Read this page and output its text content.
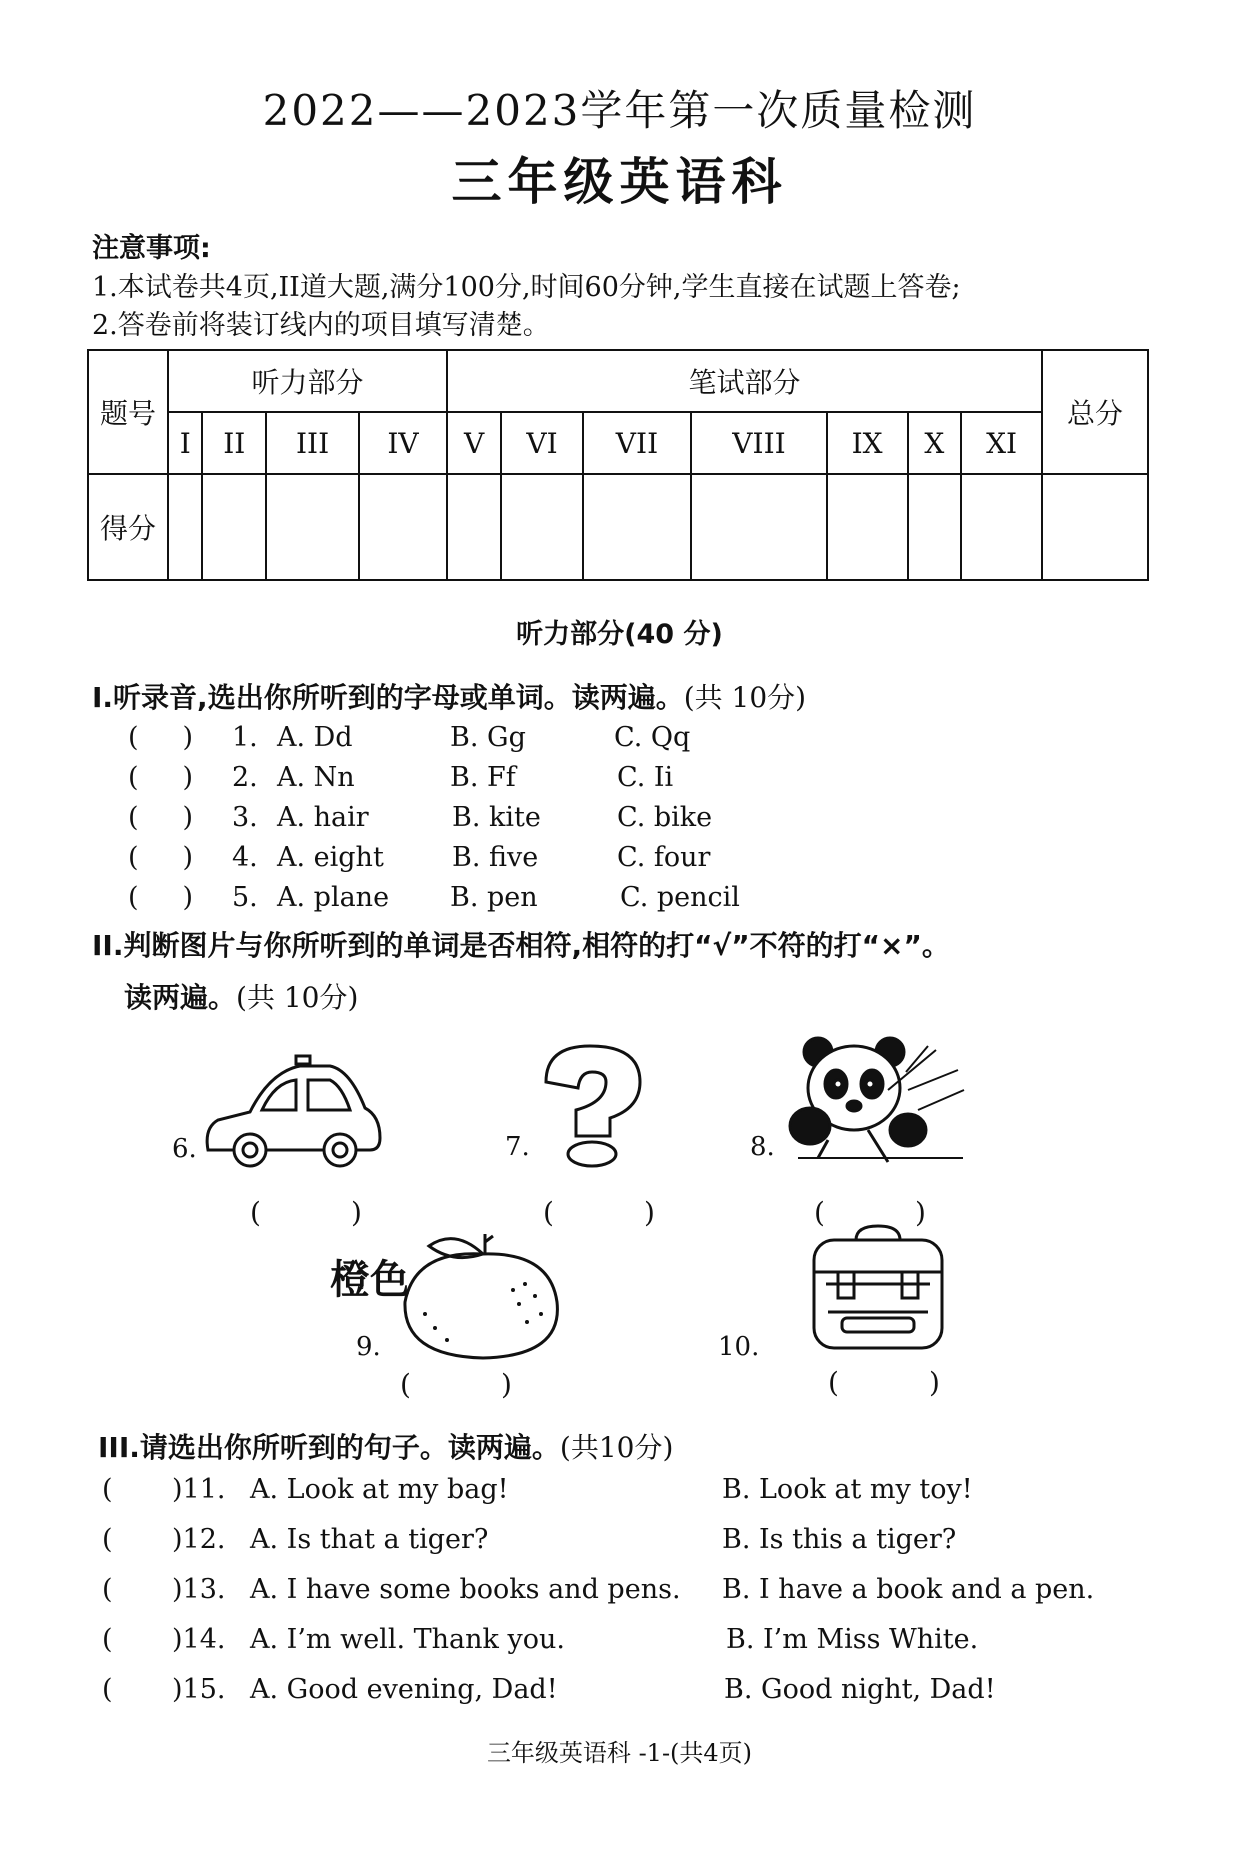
2022——2023学年第一次质量检测
三年级英语科
注意事项:
1.本试卷共4页,II道大题,满分100分,时间60分钟,学生直接在试题上答卷;
2.答卷前将装订线内的项目填写清楚。
题号	听力部分				笔试部分							总分
	I	II	III	IV	V	VI	VII	VIII	IX	X	XI	
得分												
听力部分(40 分)
I.听录音,选出你所听到的字母或单词。读两遍。(共 10分)
( ) 1. A. Dd	B. Gg	C. Qq
( ) 2. A. Nn	B. Ff	C. Ii
( ) 3. A. hair	B. kite	C. bike
( ) 4. A. eight	B. five	C. four
( ) 5. A. plane B. pen	C. pencil
II.判断图片与你所听到的单词是否相符,相符的打“√”不符的打“×”。
读两遍。(共 10分)
6.
(	)
7.
(	)
8.
(	)
橙色
9.
(	)
10.
(	)
III.请选出你所听到的句子。读两遍。(共10分)
( )11. A. Look at my bag!	B. Look at my toy!
( )12. A. Is that a tiger?	B. Is this a tiger?
( )13. A. I have some books and pens. B. I have a book and a pen.
( )14. A. I’m well. Thank you.	B. I’m Miss White.
( )15. A. Good evening, Dad!	B. Good night, Dad!
三年级英语科 -1-(共4页)
